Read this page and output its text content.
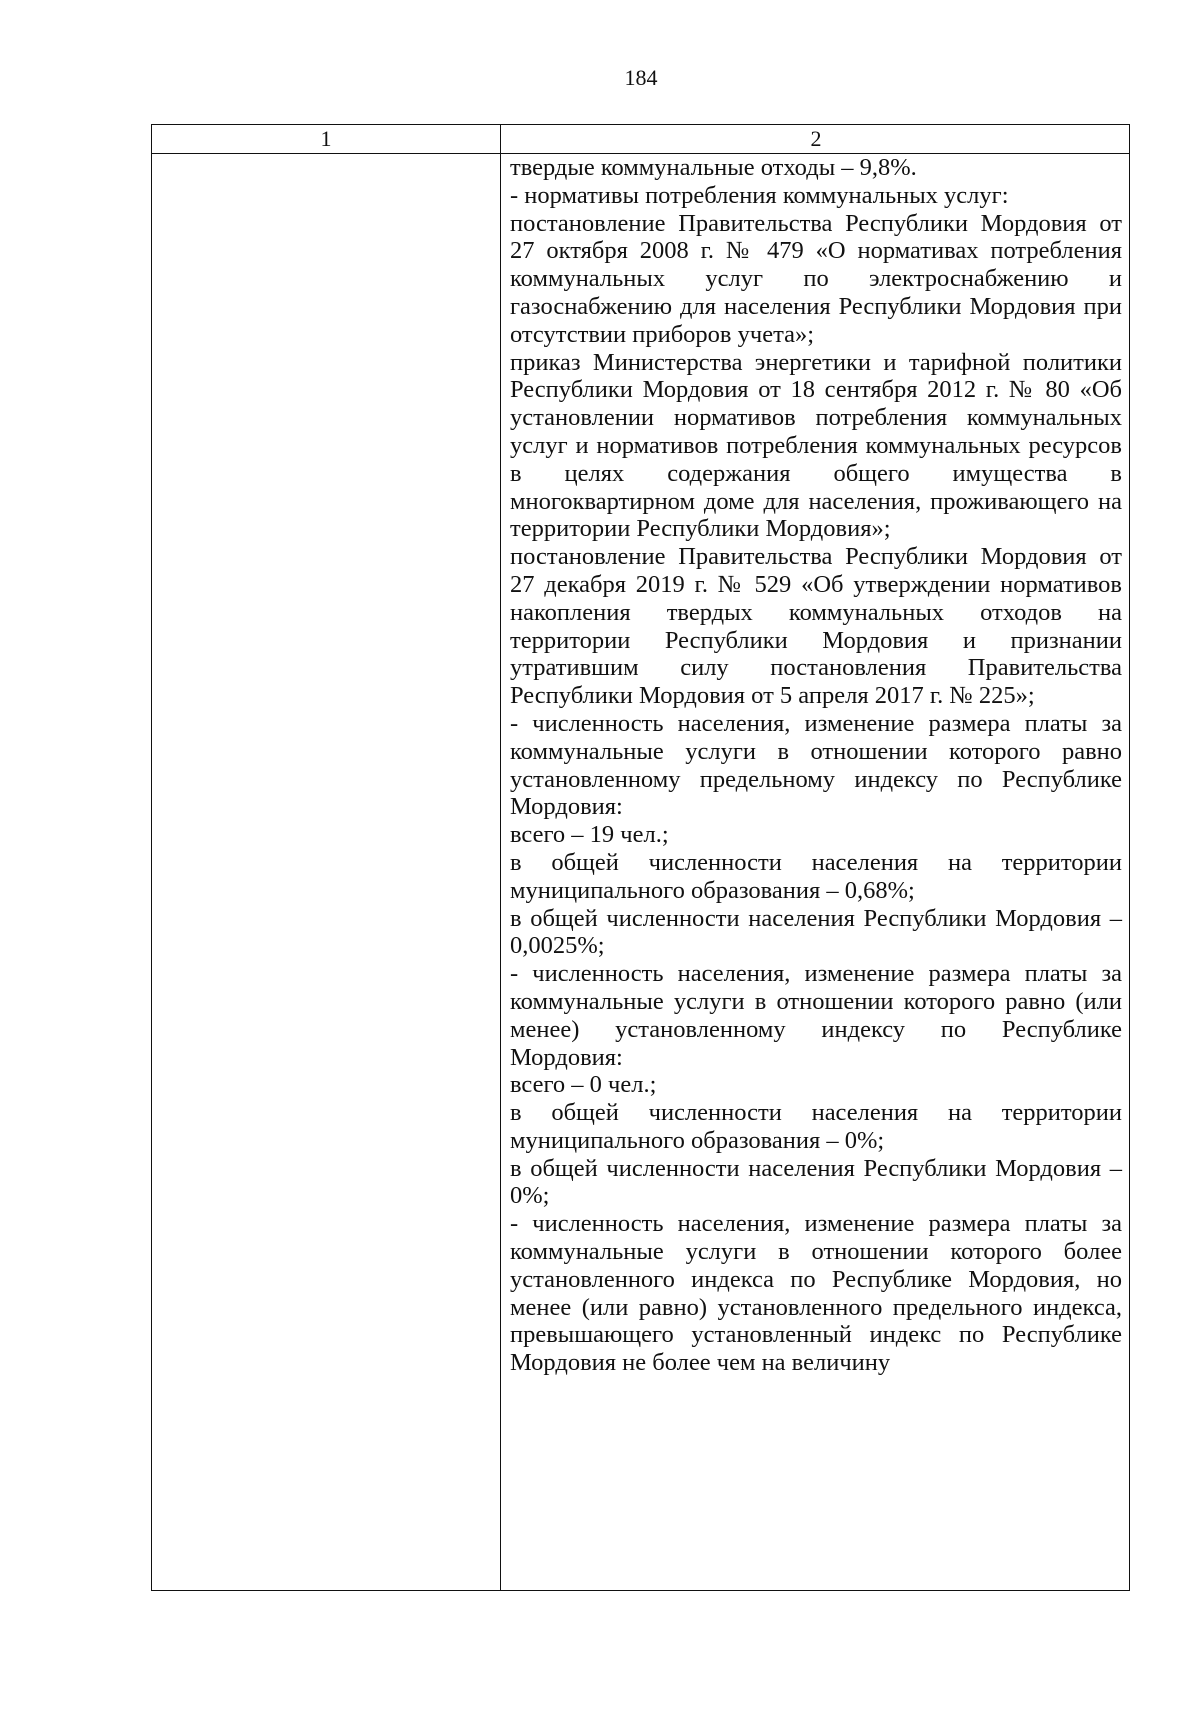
184
1	2

твердые коммунальные отходы – 9,8%.

- нормативы потребления коммунальных услуг:

постановление Правительства Республики Мордовия от 27 октября 2008 г. № 479 «О нормативах потребления коммунальных услуг по электроснабжению и газоснабжению для населения Республики Мордовия при отсутствии приборов учета»;

приказ Министерства энергетики и тарифной политики Республики Мордовия от 18 сентября 2012 г. № 80 «Об установлении нормативов потребления коммунальных услуг и нормативов потребления коммунальных ресурсов в целях содержания общего имущества в многоквартирном доме для населения, проживающего на территории Республики Мордовия»;

постановление Правительства Республики Мордовия от 27 декабря 2019 г. № 529 «Об утверждении нормативов накопления твердых коммунальных отходов на территории Республики Мордовия и признании утратившим силу постановления Правительства Республики Мордовия от 5 апреля 2017 г. № 225»;

- численность населения, изменение размера платы за коммунальные услуги в отношении которого равно установленному предельному индексу по Республике Мордовия:

всего – 19 чел.;

в общей численности населения на территории муниципального образования – 0,68%;

в общей численности населения Республики Мордовия – 0,0025%;

- численность населения, изменение размера платы за коммунальные услуги в отношении которого равно (или менее) установленному индексу по Республике Мордовия:

всего – 0 чел.;

в общей численности населения на территории муниципального образования – 0%;

в общей численности населения Республики Мордовия – 0%;

- численность населения, изменение размера платы за коммунальные услуги в отношении которого более установленного индекса по Республике Мордовия, но менее (или равно) установленного предельного индекса, превышающего установленный индекс по Республике Мордовия не более чем на величину
